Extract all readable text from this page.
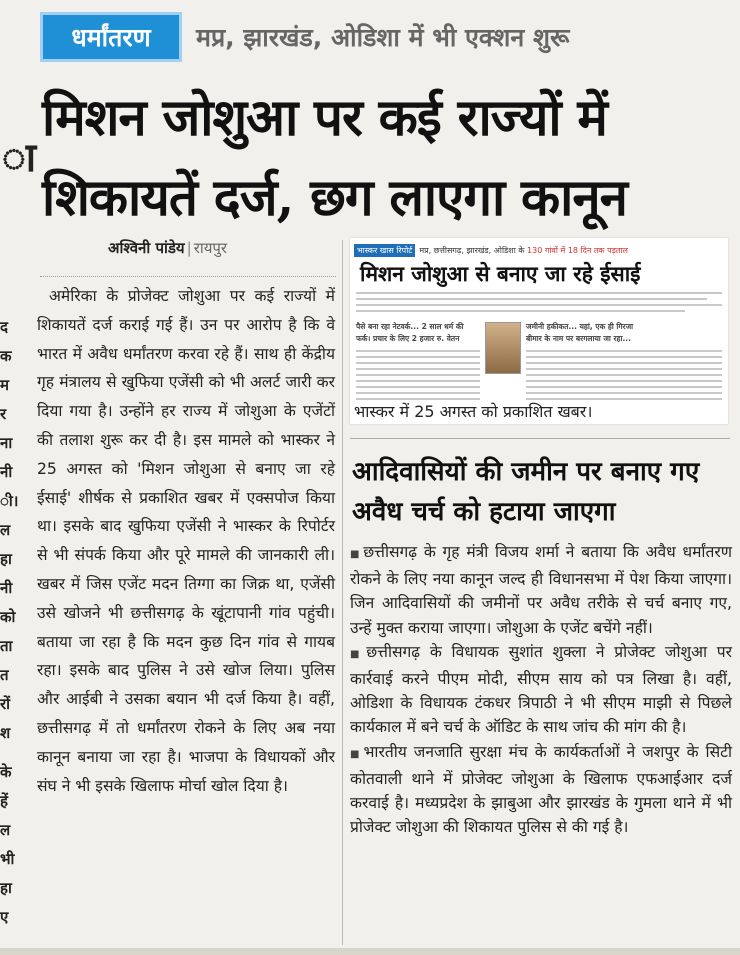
धर्मांतरण	मप्र, झारखंड, ओडिशा में भी एक्शन शुरू
मिशन जोशुआ पर कई राज्यों में
शिकायतें दर्ज, छग लाएगा कानून
ा
द
क
म
र
ना
नी
ी।
ल
हा
नी
को
ता
त
रों
श
के
हें
ल
भी
हा
ए
अश्विनी पांडेय | रायपुर

अमेरिका के प्रोजेक्ट जोशुआ पर कई राज्यों में शिकायतें दर्ज कराई गई हैं। उन पर आरोप है कि वे भारत में अवैध धर्मांतरण करवा रहे हैं। साथ ही केंद्रीय गृह मंत्रालय से खुफिया एजेंसी को भी अलर्ट जारी कर दिया गया है। उन्होंने हर राज्य में जोशुआ के एजेंटों की तलाश शुरू कर दी है। इस मामले को भास्कर ने 25 अगस्त को 'मिशन जोशुआ से बनाए जा रहे ईसाई' शीर्षक से प्रकाशित खबर में एक्सपोज किया था। इसके बाद खुफिया एजेंसी ने भास्कर के रिपोर्टर से भी संपर्क किया और पूरे मामले की जानकारी ली। खबर में जिस एजेंट मदन तिग्गा का जिक्र था, एजेंसी उसे खोजने भी छत्तीसगढ़ के खूंटापानी गांव पहुंची। बताया जा रहा है कि मदन कुछ दिन गांव से गायब रहा। इसके बाद पुलिस ने उसे खोज लिया। पुलिस और आईबी ने उसका बयान भी दर्ज किया है। वहीं, छत्तीसगढ़ में तो धर्मांतरण रोकने के लिए अब नया कानून बनाया जा रहा है। भाजपा के विधायकों और संघ ने भी इसके खिलाफ मोर्चा खोल दिया है।

भास्कर खास रिपोर्ट मप्र, छत्तीसगढ़, झारखंड, ओडिशा के 130 गांवों में 18 दिन तक पड़ताल
मिशन जोशुआ से बनाए जा रहे ईसाई
पैसे बना रहा नेटवर्क... 2 साल धर्म की
फर्क। प्रचार के लिए 2 हजार रु. वेतन
जमीनी हकीकत... यहां, एक ही गिरजा
बीमार के नाम पर बरगलाया जा रहा...
भास्कर में 25 अगस्त को प्रकाशित खबर।
आदिवासियों की जमीन पर बनाए गए अवैध चर्च को हटाया जाएगा

■ छत्तीसगढ़ के गृह मंत्री विजय शर्मा ने बताया कि अवैध धर्मांतरण रोकने के लिए नया कानून जल्द ही विधानसभा में पेश किया जाएगा। जिन आदिवासियों की जमीनों पर अवैध तरीके से चर्च बनाए गए, उन्हें मुक्त कराया जाएगा। जोशुआ के एजेंट बचेंगे नहीं।

■ छत्तीसगढ़ के विधायक सुशांत शुक्ला ने प्रोजेक्ट जोशुआ पर कार्रवाई करने पीएम मोदी, सीएम साय को पत्र लिखा है। वहीं, ओडिशा के विधायक टंकधर त्रिपाठी ने भी सीएम माझी से पिछले कार्यकाल में बने चर्च के ऑडिट के साथ जांच की मांग की है।

■ भारतीय जनजाति सुरक्षा मंच के कार्यकर्ताओं ने जशपुर के सिटी कोतवाली थाने में प्रोजेक्ट जोशुआ के खिलाफ एफआईआर दर्ज करवाई है। मध्यप्रदेश के झाबुआ और झारखंड के गुमला थाने में भी प्रोजेक्ट जोशुआ की शिकायत पुलिस से की गई है।
